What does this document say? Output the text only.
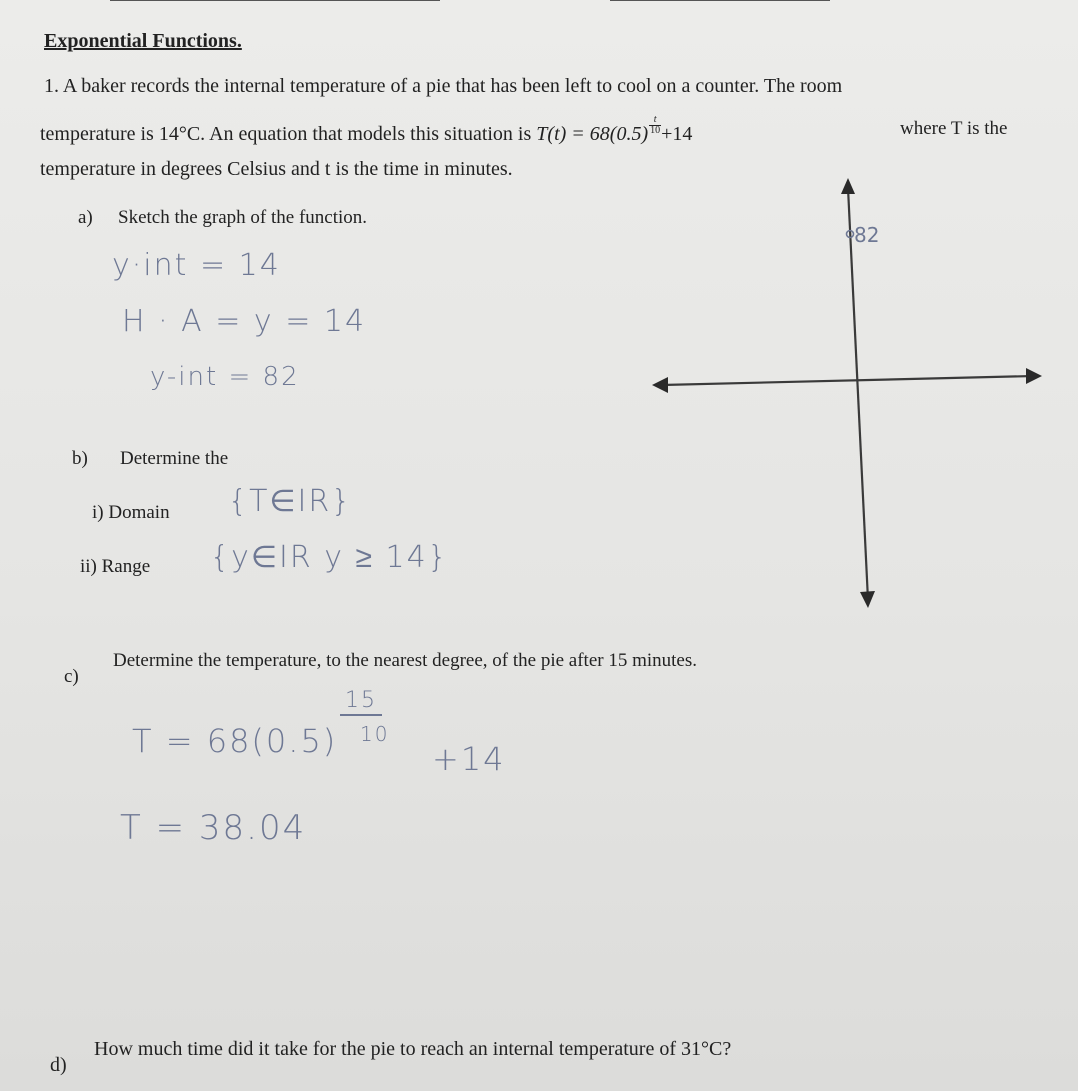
Exponential Functions.
1. A baker records the internal temperature of a pie that has been left to cool on a counter. The room
temperature is 14°C. An equation that models this situation is T(t) = 68(0.5)
t
10 +14	where T is the
temperature in degrees Celsius and t is the time in minutes.
a) Sketch the graph of the function.
y·int = 14
H · A = y = 14
y-int = 82
b) Determine the
i) Domain {T∈IR}
ii) Range {y∈IR y ≥ 14}
82
c)
Determine the temperature, to the nearest degree, of the pie after 15 minutes.
T = 68(0.5)
15
10
+14
T = 38.04
d)
How much time did it take for the pie to reach an internal temperature of 31°C?
